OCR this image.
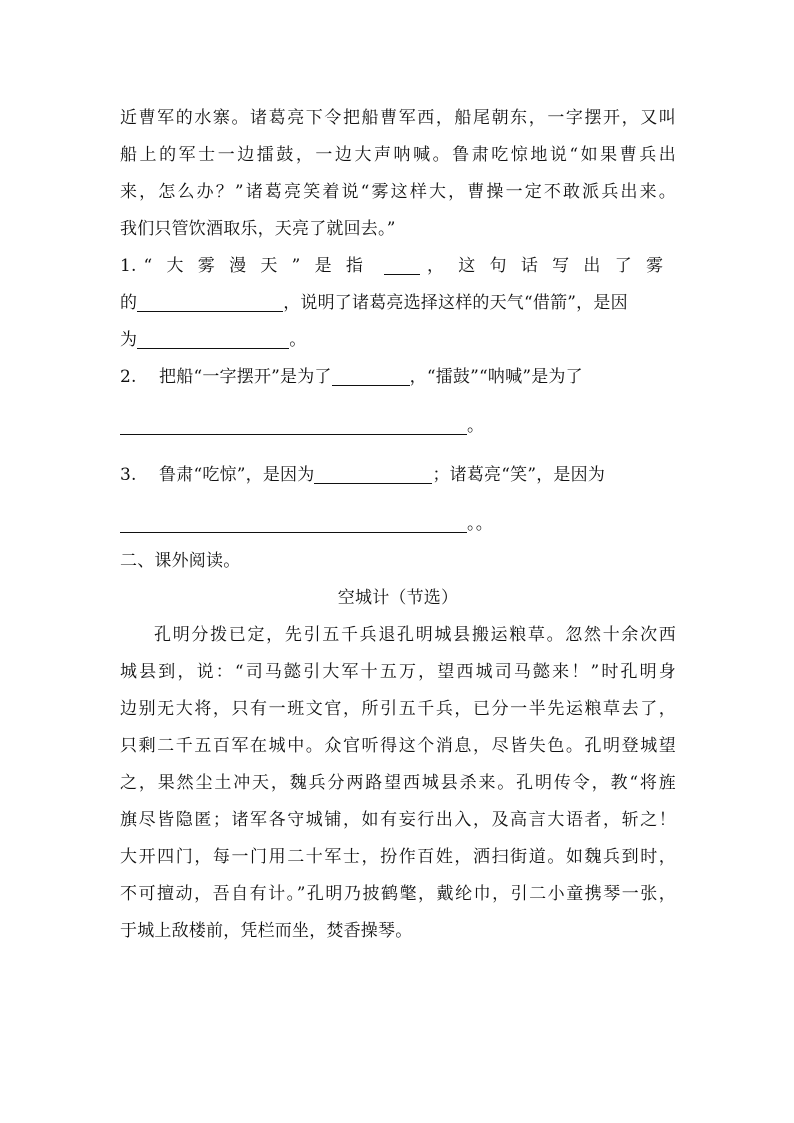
近曹军的水寨。诸葛亮下令把船曹军西，船尾朝东，一字摆开，又叫
船上的军士一边擂鼓，一边大声呐喊。鲁肃吃惊地说“如果曹兵出
来，怎么办？”诸葛亮笑着说“雾这样大，曹操一定不敢派兵出来。
我们只管饮酒取乐，天亮了就回去。”
1. “大雾漫天”是指	，这句话写出了雾
的	，说明了诸葛亮选择这样的天气“借箭”，是因
为	。
2. 把船“一字摆开”是为了	，“擂鼓”“呐喊”是为了
。
3. 鲁肃“吃惊”，是因为	；诸葛亮“笑”，是因为
。。
二、课外阅读。
空城计（节选）
孔明分拨已定，先引五千兵退孔明城县搬运粮草。忽然十余次西
城县到，说：“司马懿引大军十五万，望西城司马懿来！”时孔明身
边别无大将，只有一班文官，所引五千兵，已分一半先运粮草去了，
只剩二千五百军在城中。众官听得这个消息，尽皆失色。孔明登城望
之，果然尘土冲天，魏兵分两路望西城县杀来。孔明传令，教“将旌
旗尽皆隐匿；诸军各守城铺，如有妄行出入，及高言大语者，斩之！
大开四门，每一门用二十军士，扮作百姓，洒扫街道。如魏兵到时，
不可擅动，吾自有计。”孔明乃披鹤氅，戴纶巾，引二小童携琴一张，
于城上敌楼前，凭栏而坐，焚香操琴。
